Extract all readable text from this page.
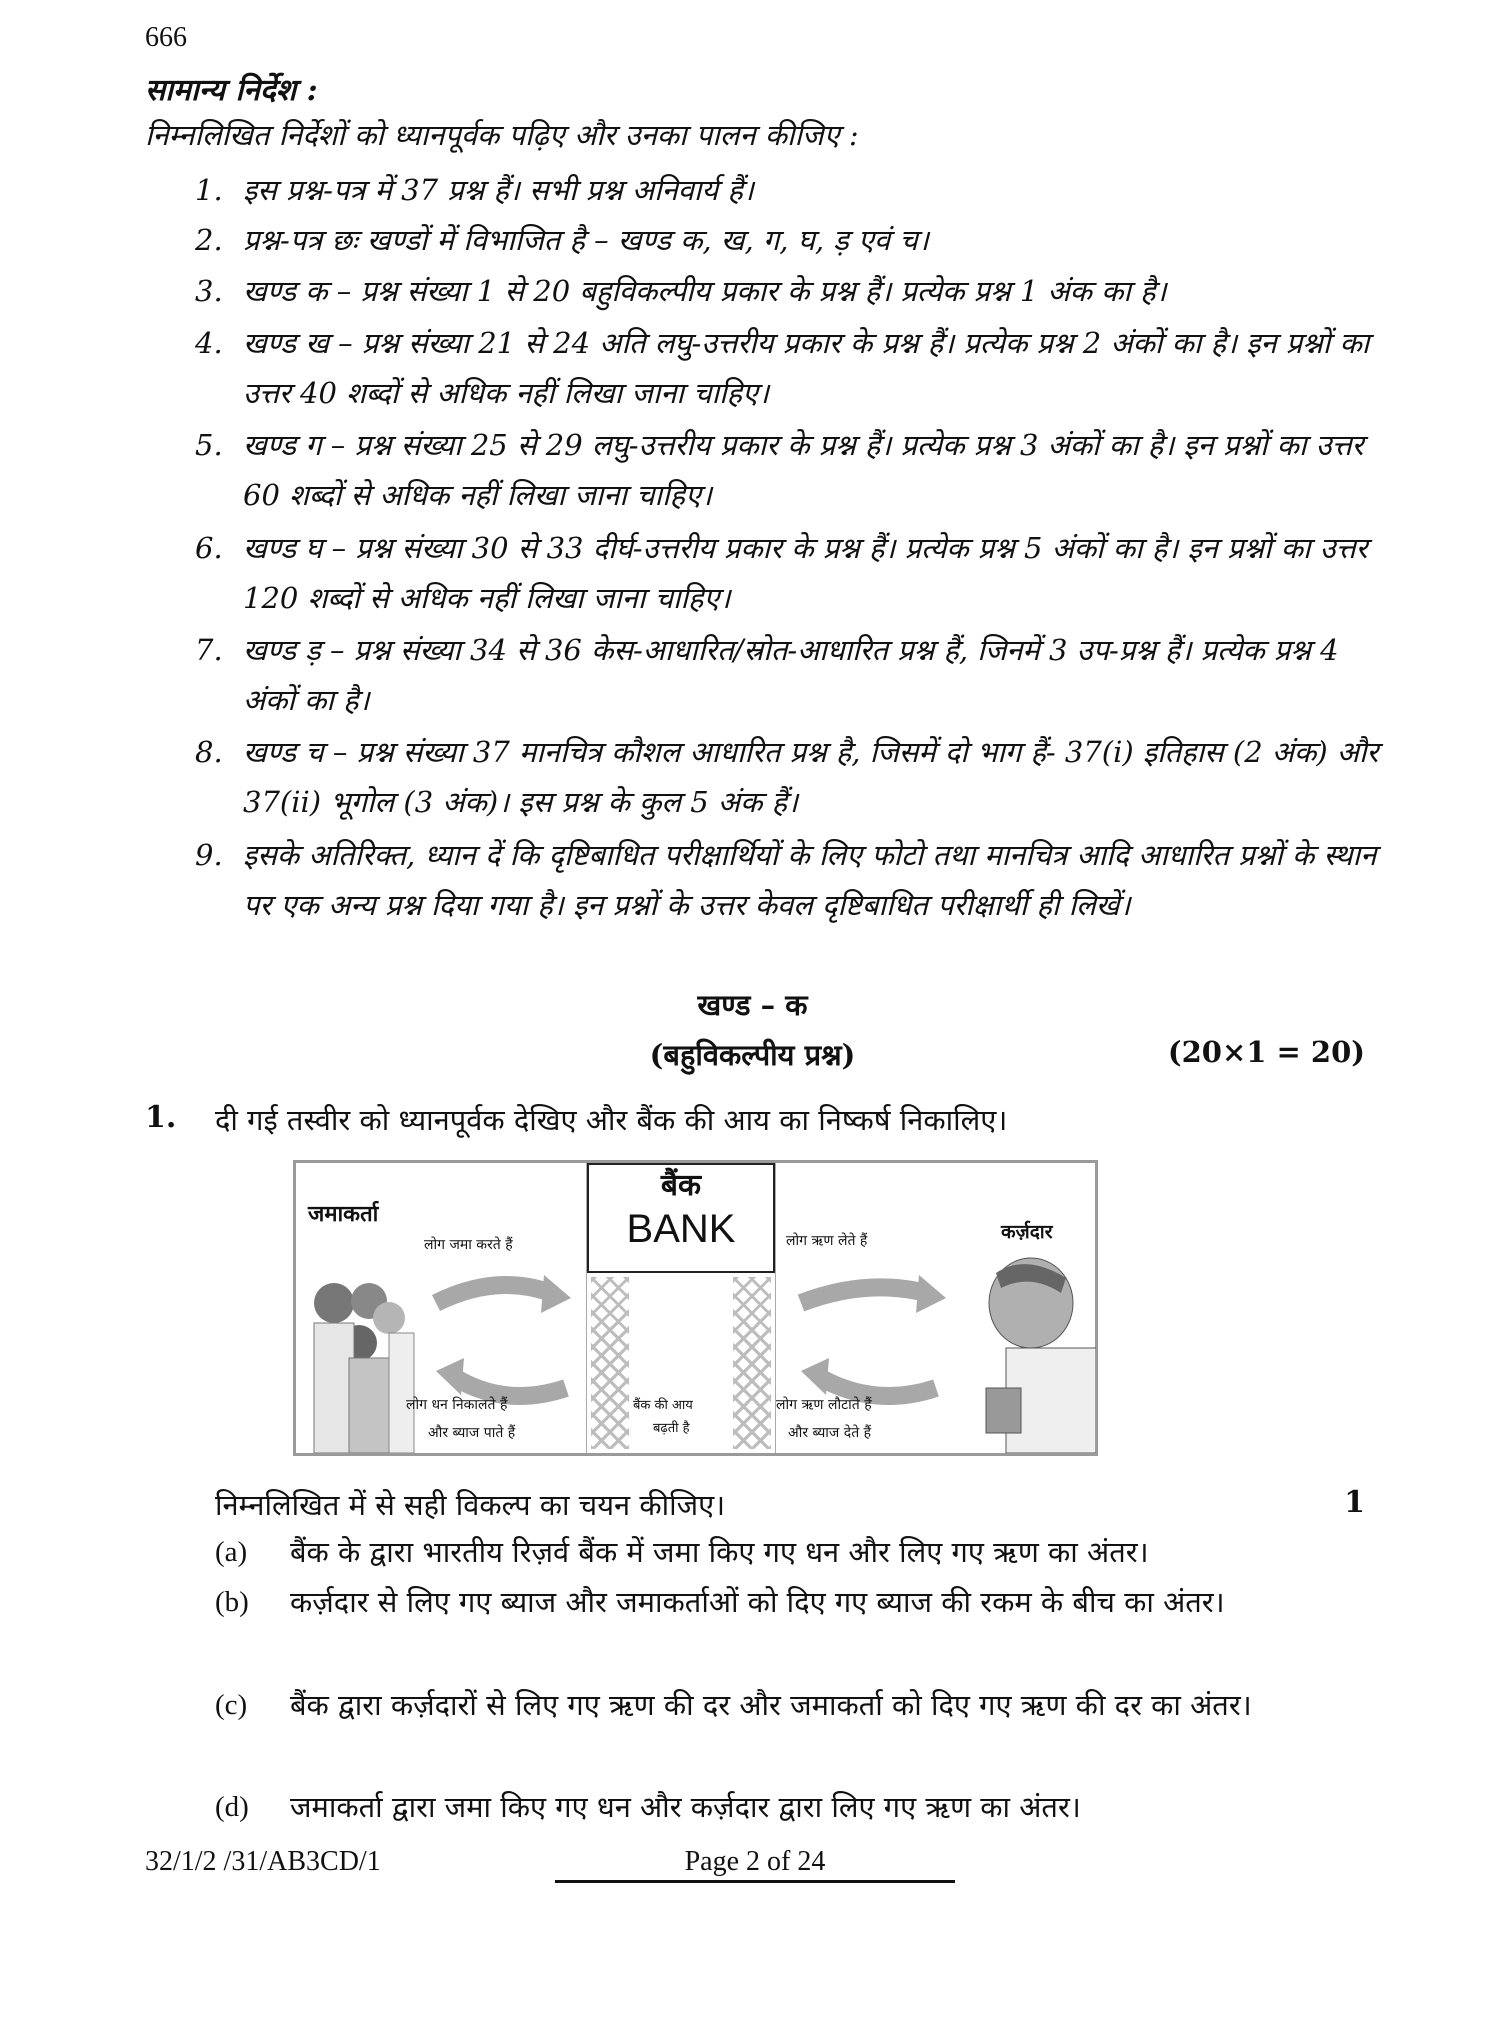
666
सामान्य निर्देश :
निम्नलिखित निर्देशों को ध्यानपूर्वक पढ़िए और उनका पालन कीजिए :
1. इस प्रश्न-पत्र में 37 प्रश्न हैं। सभी प्रश्न अनिवार्य हैं।
2. प्रश्न-पत्र छः खण्डों में विभाजित है – खण्ड क, ख, ग, घ, ड़ एवं च।
3. खण्ड क – प्रश्न संख्या 1 से 20 बहुविकल्पीय प्रकार के प्रश्न हैं। प्रत्येक प्रश्न 1 अंक का है।
4. खण्ड ख – प्रश्न संख्या 21 से 24 अति लघु-उत्तरीय प्रकार के प्रश्न हैं। प्रत्येक प्रश्न 2 अंकों का है। इन प्रश्नों का उत्तर 40 शब्दों से अधिक नहीं लिखा जाना चाहिए।
5. खण्ड ग – प्रश्न संख्या 25 से 29 लघु-उत्तरीय प्रकार के प्रश्न हैं। प्रत्येक प्रश्न 3 अंकों का है। इन प्रश्नों का उत्तर 60 शब्दों से अधिक नहीं लिखा जाना चाहिए।
6. खण्ड घ – प्रश्न संख्या 30 से 33 दीर्घ-उत्तरीय प्रकार के प्रश्न हैं। प्रत्येक प्रश्न 5 अंकों का है। इन प्रश्नों का उत्तर 120 शब्दों से अधिक नहीं लिखा जाना चाहिए।
7. खण्ड ड़ – प्रश्न संख्या 34 से 36 केस-आधारित/स्रोत-आधारित प्रश्न हैं, जिनमें 3 उप-प्रश्न हैं। प्रत्येक प्रश्न 4 अंकों का है।
8. खण्ड च – प्रश्न संख्या 37 मानचित्र कौशल आधारित प्रश्न है, जिसमें दो भाग हैं- 37(i) इतिहास (2 अंक) और 37(ii) भूगोल (3 अंक)। इस प्रश्न के कुल 5 अंक हैं।
9. इसके अतिरिक्त, ध्यान दें कि दृष्टिबाधित परीक्षार्थियों के लिए फोटो तथा मानचित्र आदि आधारित प्रश्नों के स्थान पर एक अन्य प्रश्न दिया गया है। इन प्रश्नों के उत्तर केवल दृष्टिबाधित परीक्षार्थी ही लिखें।
खण्ड – क
(बहुविकल्पीय प्रश्न)	(20×1 = 20)
1. दी गई तस्वीर को ध्यानपूर्वक देखिए और बैंक की आय का निष्कर्ष निकालिए।
जमाकर्ता
लोग जमा करते हैं
लोग धन निकालते हैं
और ब्याज पाते हैं
बैंक
BANK
बैंक की आय
बढ़ती है
लोग ऋण लेते हैं	कर्ज़दार
लोग ऋण लौटाते हैं
और ब्याज देते हैं
निम्नलिखित में से सही विकल्प का चयन कीजिए।	1
(a) बैंक के द्वारा भारतीय रिज़र्व बैंक में जमा किए गए धन और लिए गए ऋण का अंतर।
(b) कर्ज़दार से लिए गए ब्याज और जमाकर्ताओं को दिए गए ब्याज की रकम के बीच का अंतर।
(c) बैंक द्वारा कर्ज़दारों से लिए गए ऋण की दर और जमाकर्ता को दिए गए ऋण की दर का अंतर।
(d) जमाकर्ता द्वारा जमा किए गए धन और कर्ज़दार द्वारा लिए गए ऋण का अंतर।
32/1/2 /31/AB3CD/1	Page 2 of 24
